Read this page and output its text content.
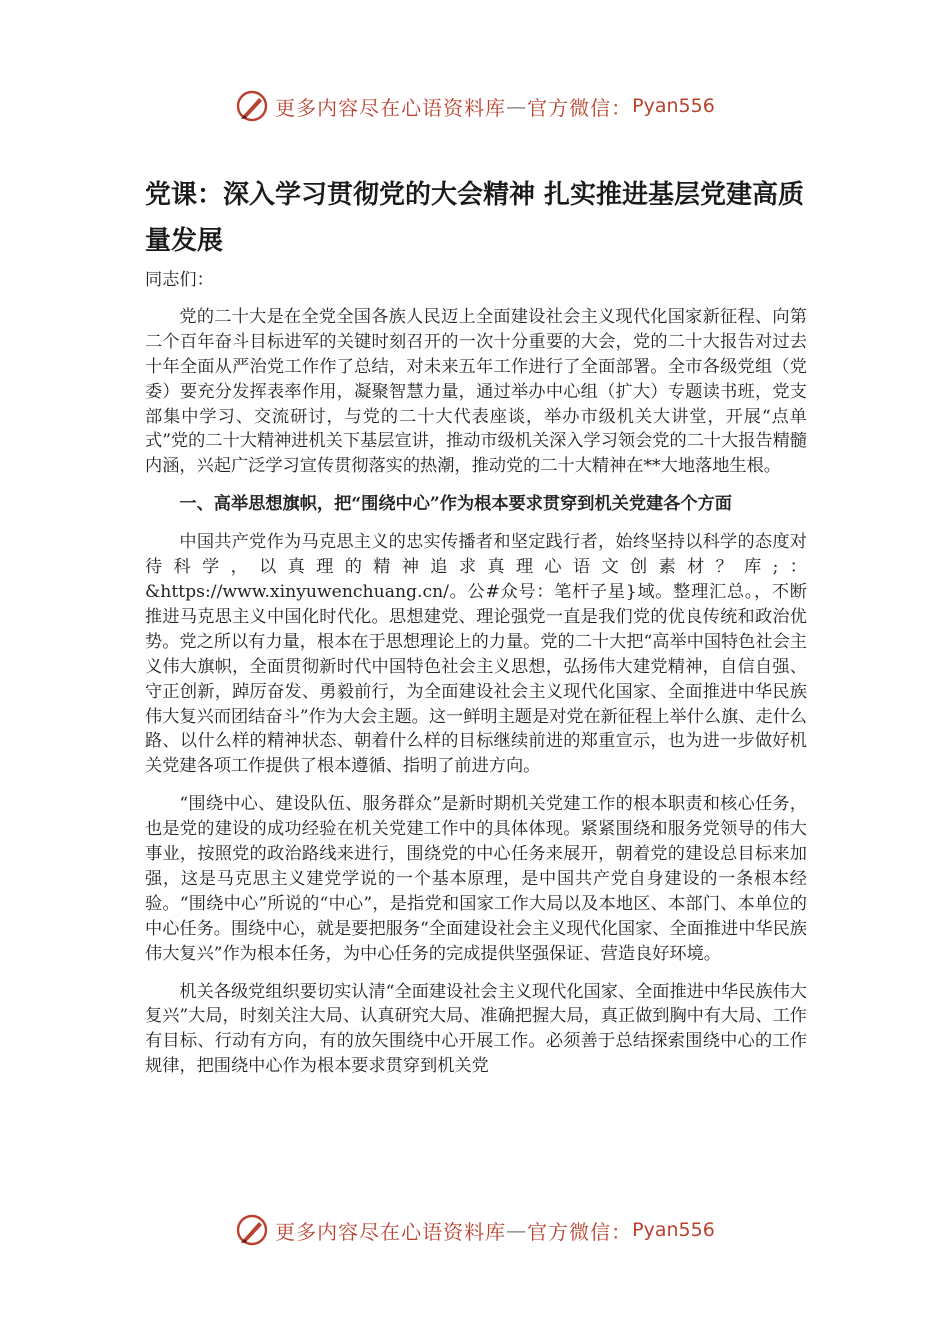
更多内容尽在心语资料库 — 官方微信： Pyan556
党课：深入学习贯彻党的大会精神 扎实推进基层党建高质量发展

同志们：

党的二十大是在全党全国各族人民迈上全面建设社会主义现代化国家新征程、向第二个百年奋斗目标进军的关键时刻召开的一次十分重要的大会，党的二十大报告对过去十年全面从严治党工作作了总结，对未来五年工作进行了全面部署。全市各级党组（党委）要充分发挥表率作用，凝聚智慧力量，通过举办中心组（扩大）专题读书班，党支部集中学习、交流研讨，与党的二十大代表座谈，举办市级机关大讲堂，开展“点单式”党的二十大精神进机关下基层宣讲，推动市级机关深入学习领会党的二十大报告精髓内涵，兴起广泛学习宣传贯彻落实的热潮，推动党的二十大精神在**大地落地生根。

一、高举思想旗帜，把“围绕中心”作为根本要求贯穿到机关党建各个方面

中国共产党作为马克思主义的忠实传播者和坚定践行者，始终坚持以科学的态度对待科学，以真理的精神追求真理心语文创素材？库;：&https://www.xinyuwenchuang.cn/。公#众号：笔杆子星}域。整理汇总。，不断推进马克思主义中国化时代化。思想建党、理论强党一直是我们党的优良传统和政治优势。党之所以有力量，根本在于思想理论上的力量。党的二十大把“高举中国特色社会主义伟大旗帜，全面贯彻新时代中国特色社会主义思想，弘扬伟大建党精神，自信自强、守正创新，踔厉奋发、勇毅前行，为全面建设社会主义现代化国家、全面推进中华民族伟大复兴而团结奋斗”作为大会主题。这一鲜明主题是对党在新征程上举什么旗、走什么路、以什么样的精神状态、朝着什么样的目标继续前进的郑重宣示，也为进一步做好机关党建各项工作提供了根本遵循、指明了前进方向。

“围绕中心、建设队伍、服务群众”是新时期机关党建工作的根本职责和核心任务，也是党的建设的成功经验在机关党建工作中的具体体现。紧紧围绕和服务党领导的伟大事业，按照党的政治路线来进行，围绕党的中心任务来展开，朝着党的建设总目标来加强，这是马克思主义建党学说的一个基本原理，是中国共产党自身建设的一条根本经验。“围绕中心”所说的“中心”，是指党和国家工作大局以及本地区、本部门、本单位的中心任务。围绕中心，就是要把服务“全面建设社会主义现代化国家、全面推进中华民族伟大复兴”作为根本任务，为中心任务的完成提供坚强保证、营造良好环境。

机关各级党组织要切实认清“全面建设社会主义现代化国家、全面推进中华民族伟大复兴”大局，时刻关注大局、认真研究大局、准确把握大局，真正做到胸中有大局、工作有目标、行动有方向，有的放矢围绕中心开展工作。必须善于总结探索围绕中心的工作规律，把围绕中心作为根本要求贯穿到机关党

更多内容尽在心语资料库 — 官方微信： Pyan556
